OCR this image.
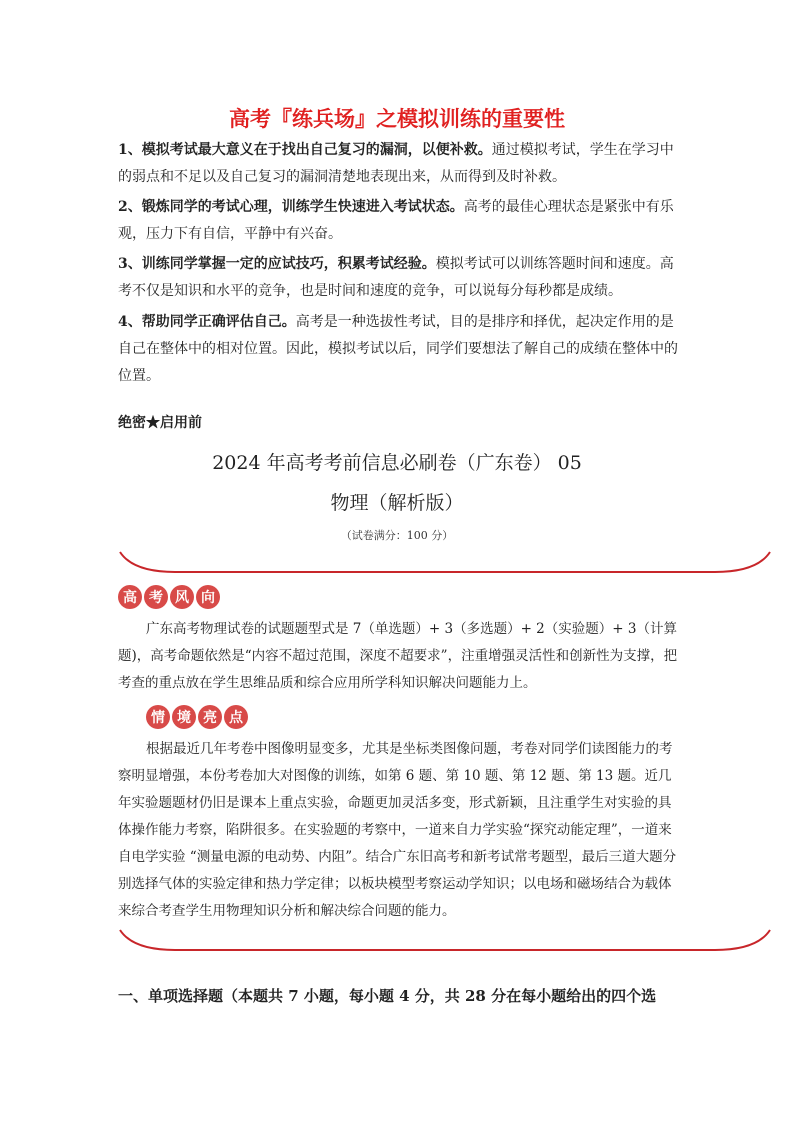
高考『练兵场』之模拟训练的重要性

1、模拟考试最大意义在于找出自己复习的漏洞，以便补救。通过模拟考试，学生在学习中的弱点和不足以及自己复习的漏洞清楚地表现出来，从而得到及时补救。

2、锻炼同学的考试心理，训练学生快速进入考试状态。高考的最佳心理状态是紧张中有乐观，压力下有自信，平静中有兴奋。

3、训练同学掌握一定的应试技巧，积累考试经验。模拟考试可以训练答题时间和速度。高考不仅是知识和水平的竞争，也是时间和速度的竞争，可以说每分每秒都是成绩。

4、帮助同学正确评估自己。高考是一种选拔性考试，目的是排序和择优，起决定作用的是自己在整体中的相对位置。因此，模拟考试以后，同学们要想法了解自己的成绩在整体中的位置。

绝密★启用前
2024 年高考考前信息必刷卷（广东卷） 05
物理（解析版）
（试卷满分：100 分）
高 考 风 向

广东高考物理试卷的试题题型式是 7（单选题）+ 3（多选题）+ 2（实验题）+ 3（计算题)，高考命题依然是“内容不超过范围，深度不超要求”，注重增强灵活性和创新性为支撑，把考查的重点放在学生思维品质和综合应用所学科知识解决问题能力上。

情 境 亮 点

根据最近几年考卷中图像明显变多，尤其是坐标类图像问题，考卷对同学们读图能力的考察明显增强，本份考卷加大对图像的训练，如第 6 题、第 10 题、第 12 题、第 13 题。近几年实验题题材仍旧是课本上重点实验，命题更加灵活多变，形式新颖，且注重学生对实验的具体操作能力考察，陷阱很多。在实验题的考察中，一道来自力学实验“探究动能定理”，一道来自电学实验 “测量电源的电动势、内阻”。结合广东旧高考和新考试常考题型，最后三道大题分别选择气体的实验定律和热力学定律；以板块模型考察运动学知识；以电场和磁场结合为载体来综合考查学生用物理知识分析和解决综合问题的能力。

一、单项选择题（本题共 7 小题，每小题 4 分，共 28 分在每小题给出的四个选
